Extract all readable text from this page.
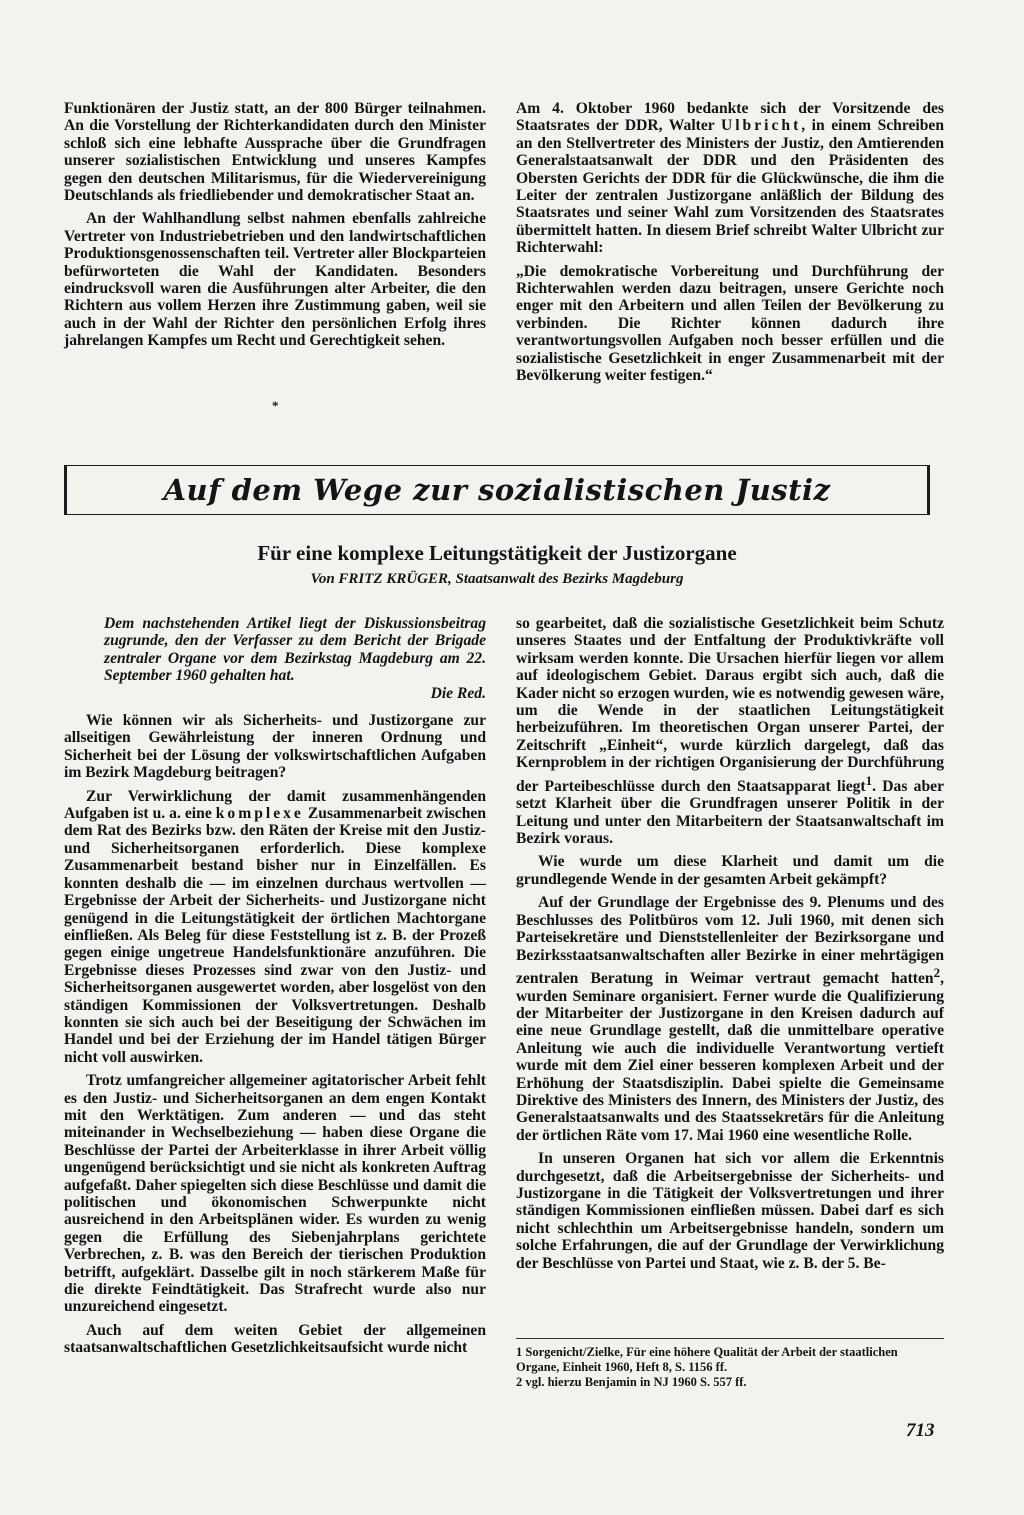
Funktionären der Justiz statt, an der 800 Bürger teilnahmen. An die Vorstellung der Richterkandidaten durch den Minister schloß sich eine lebhafte Aussprache über die Grundfragen unserer sozialistischen Entwicklung und unseres Kampfes gegen den deutschen Militarismus, für die Wiedervereinigung Deutschlands als friedliebender und demokratischer Staat an.

An der Wahlhandlung selbst nahmen ebenfalls zahlreiche Vertreter von Industriebetrieben und den landwirtschaftlichen Produktionsgenossenschaften teil. Vertreter aller Blockparteien befürworteten die Wahl der Kandidaten. Besonders eindrucksvoll waren die Ausführungen alter Arbeiter, die den Richtern aus vollem Herzen ihre Zustimmung gaben, weil sie auch in der Wahl der Richter den persönlichen Erfolg ihres jahrelangen Kampfes um Recht und Gerechtigkeit sehen.

*

Am 4. Oktober 1960 bedankte sich der Vorsitzende des Staatsrates der DDR, Walter Ulbricht, in einem Schreiben an den Stellvertreter des Ministers der Justiz, den Amtierenden Generalstaatsanwalt der DDR und den Präsidenten des Obersten Gerichts der DDR für die Glückwünsche, die ihm die Leiter der zentralen Justizorgane anläßlich der Bildung des Staatsrates und seiner Wahl zum Vorsitzenden des Staatsrates übermittelt hatten. In diesem Brief schreibt Walter Ulbricht zur Richterwahl:

„Die demokratische Vorbereitung und Durchführung der Richterwahlen werden dazu beitragen, unsere Gerichte noch enger mit den Arbeitern und allen Teilen der Bevölkerung zu verbinden. Die Richter können dadurch ihre verantwortungsvollen Aufgaben noch besser erfüllen und die sozialistische Gesetzlichkeit in enger Zusammenarbeit mit der Bevölkerung weiter festigen.“

Auf dem Wege zur sozialistischen Justiz
Für eine komplexe Leitungstätigkeit der Justizorgane
Von FRITZ KRÜGER, Staatsanwalt des Bezirks Magdeburg
Dem nachstehenden Artikel liegt der Diskussionsbeitrag zugrunde, den der Verfasser zu dem Bericht der Brigade zentraler Organe vor dem Bezirkstag Magdeburg am 22. September 1960 gehalten hat.
Die Red.

Wie können wir als Sicherheits- und Justizorgane zur allseitigen Gewährleistung der inneren Ordnung und Sicherheit bei der Lösung der volkswirtschaftlichen Aufgaben im Bezirk Magdeburg beitragen?

Zur Verwirklichung der damit zusammenhängenden Aufgaben ist u. a. eine komplexe Zusammenarbeit zwischen dem Rat des Bezirks bzw. den Räten der Kreise mit den Justiz- und Sicherheitsorganen erforderlich. Diese komplexe Zusammenarbeit bestand bisher nur in Einzelfällen. Es konnten deshalb die — im einzelnen durchaus wertvollen — Ergebnisse der Arbeit der Sicherheits- und Justizorgane nicht genügend in die Leitungstätigkeit der örtlichen Machtorgane einfließen. Als Beleg für diese Feststellung ist z. B. der Prozeß gegen einige ungetreue Handelsfunktionäre anzuführen. Die Ergebnisse dieses Prozesses sind zwar von den Justiz- und Sicherheitsorganen ausgewertet worden, aber losgelöst von den ständigen Kommissionen der Volksvertretungen. Deshalb konnten sie sich auch bei der Beseitigung der Schwächen im Handel und bei der Erziehung der im Handel tätigen Bürger nicht voll auswirken.

Trotz umfangreicher allgemeiner agitatorischer Arbeit fehlt es den Justiz- und Sicherheitsorganen an dem engen Kontakt mit den Werktätigen. Zum anderen — und das steht miteinander in Wechselbeziehung — haben diese Organe die Beschlüsse der Partei der Arbeiterklasse in ihrer Arbeit völlig ungenügend berücksichtigt und sie nicht als konkreten Auftrag aufgefaßt. Daher spiegelten sich diese Beschlüsse und damit die politischen und ökonomischen Schwerpunkte nicht ausreichend in den Arbeitsplänen wider. Es wurden zu wenig gegen die Erfüllung des Siebenjahrplans gerichtete Verbrechen, z. B. was den Bereich der tierischen Produktion betrifft, aufgeklärt. Dasselbe gilt in noch stärkerem Maße für die direkte Feindtätigkeit. Das Strafrecht wurde also nur unzureichend eingesetzt.

Auch auf dem weiten Gebiet der allgemeinen staatsanwaltschaftlichen Gesetzlichkeitsaufsicht wurde nicht

so gearbeitet, daß die sozialistische Gesetzlichkeit beim Schutz unseres Staates und der Entfaltung der Produktivkräfte voll wirksam werden konnte. Die Ursachen hierfür liegen vor allem auf ideologischem Gebiet. Daraus ergibt sich auch, daß die Kader nicht so erzogen wurden, wie es notwendig gewesen wäre, um die Wende in der staatlichen Leitungstätigkeit herbeizuführen. Im theoretischen Organ unserer Partei, der Zeitschrift „Einheit“, wurde kürzlich dargelegt, daß das Kernproblem in der richtigen Organisierung der Durchführung der Parteibeschlüsse durch den Staatsapparat liegt$^1$. Das aber setzt Klarheit über die Grundfragen unserer Politik in der Leitung und unter den Mitarbeitern der Staatsanwaltschaft im Bezirk voraus.

Wie wurde um diese Klarheit und damit um die grundlegende Wende in der gesamten Arbeit gekämpft?

Auf der Grundlage der Ergebnisse des 9. Plenums und des Beschlusses des Politbüros vom 12. Juli 1960, mit denen sich Parteisekretäre und Dienststellenleiter der Bezirksorgane und Bezirksstaatsanwaltschaften aller Bezirke in einer mehrtägigen zentralen Beratung in Weimar vertraut gemacht hatten$^2$, wurden Seminare organisiert. Ferner wurde die Qualifizierung der Mitarbeiter der Justizorgane in den Kreisen dadurch auf eine neue Grundlage gestellt, daß die unmittelbare operative Anleitung wie auch die individuelle Verantwortung vertieft wurde mit dem Ziel einer besseren komplexen Arbeit und der Erhöhung der Staatsdisziplin. Dabei spielte die Gemeinsame Direktive des Ministers des Innern, des Ministers der Justiz, des Generalstaatsanwalts und des Staatssekretärs für die Anleitung der örtlichen Räte vom 17. Mai 1960 eine wesentliche Rolle.

In unseren Organen hat sich vor allem die Erkenntnis durchgesetzt, daß die Arbeitsergebnisse der Sicherheits- und Justizorgane in die Tätigkeit der Volksvertretungen und ihrer ständigen Kommissionen einfließen müssen. Dabei darf es sich nicht schlechthin um Arbeitsergebnisse handeln, sondern um solche Erfahrungen, die auf der Grundlage der Verwirklichung der Beschlüsse von Partei und Staat, wie z. B. der 5. Be-

1 Sorgenicht/Zielke, Für eine höhere Qualität der Arbeit der staatlichen Organe, Einheit 1960, Heft 8, S. 1156 ff.
2 vgl. hierzu Benjamin in NJ 1960 S. 557 ff.
713
